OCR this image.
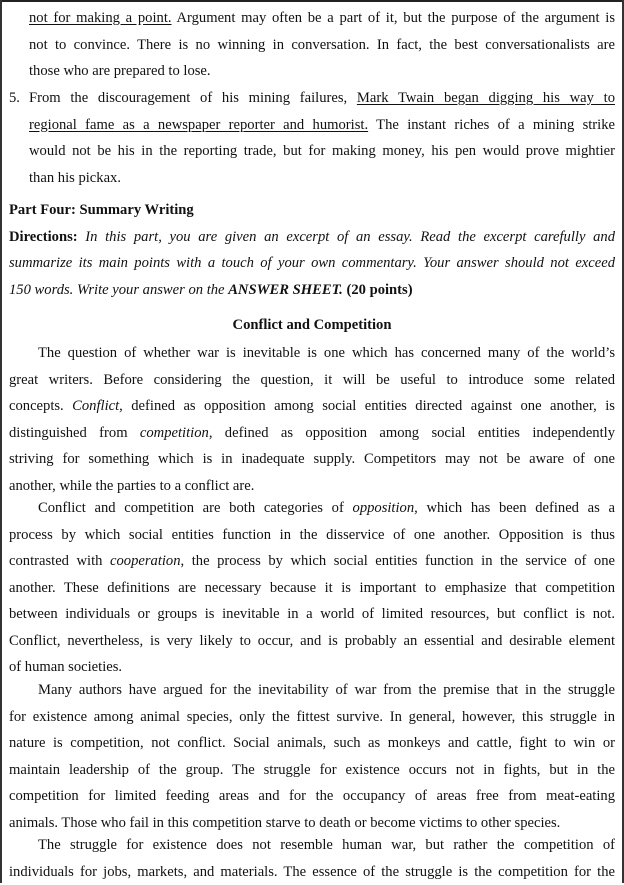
not for making a point. Argument may often be a part of it, but the purpose of the argument is
not to convince. There is no winning in conversation. In fact, the best conversationalists are
those who are prepared to lose.
5. From the discouragement of his mining failures, Mark Twain began digging his way to
regional fame as a newspaper reporter and humorist. The instant riches of a mining strike
would not be his in the reporting trade, but for making money, his pen would prove mightier
than his pickax.
Part Four: Summary Writing
Directions: In this part, you are given an excerpt of an essay. Read the excerpt carefully and
summarize its main points with a touch of your own commentary. Your answer should not exceed
150 words. Write your answer on the ANSWER SHEET. (20 points)
Conflict and Competition
The question of whether war is inevitable is one which has concerned many of the world’s
great writers. Before considering the question, it will be useful to introduce some related
concepts. Conflict, defined as opposition among social entities directed against one another, is
distinguished from competition, defined as opposition among social entities independently
striving for something which is in inadequate supply. Competitors may not be aware of one
another, while the parties to a conflict are.
Conflict and competition are both categories of opposition, which has been defined as a
process by which social entities function in the disservice of one another. Opposition is thus
contrasted with cooperation, the process by which social entities function in the service of one
another. These definitions are necessary because it is important to emphasize that competition
between individuals or groups is inevitable in a world of limited resources, but conflict is not.
Conflict, nevertheless, is very likely to occur, and is probably an essential and desirable element
of human societies.
Many authors have argued for the inevitability of war from the premise that in the struggle
for existence among animal species, only the fittest survive. In general, however, this struggle in
nature is competition, not conflict. Social animals, such as monkeys and cattle, fight to win or
maintain leadership of the group. The struggle for existence occurs not in fights, but in the
competition for limited feeding areas and for the occupancy of areas free from meat-eating
animals. Those who fail in this competition starve to death or become victims to other species.
The struggle for existence does not resemble human war, but rather the competition of
individuals for jobs, markets, and materials. The essence of the struggle is the competition for the
